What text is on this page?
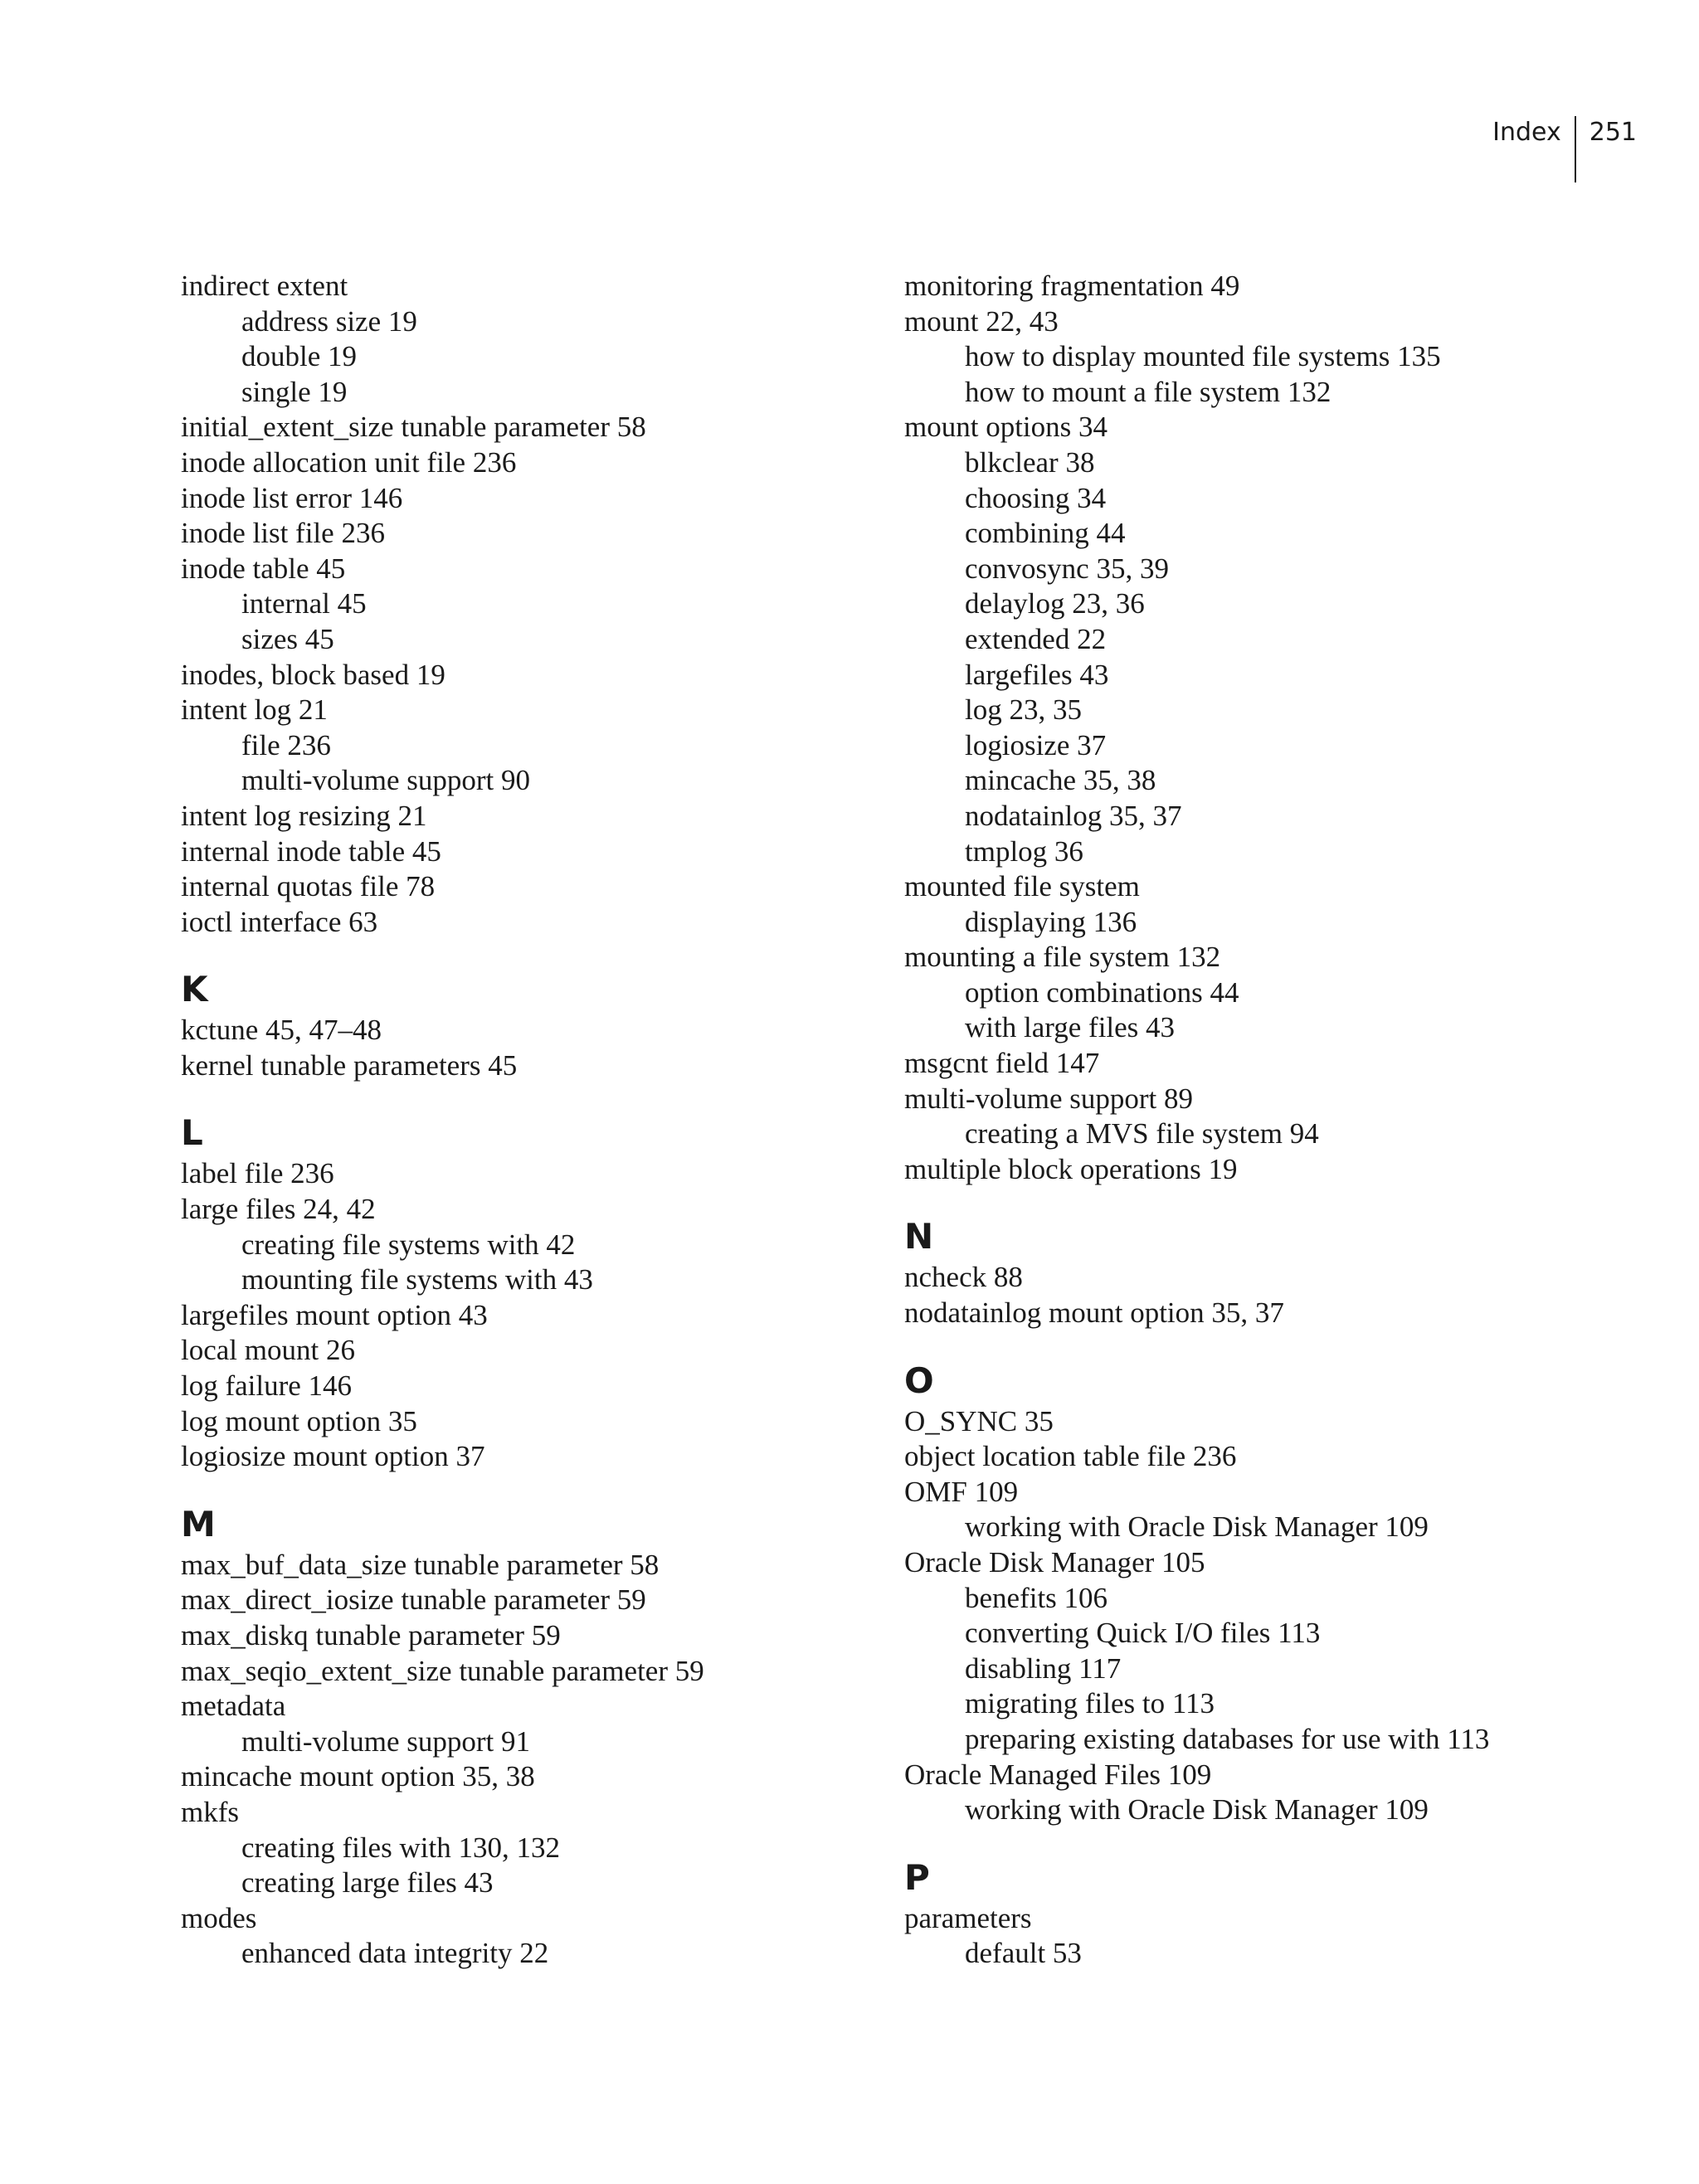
Index	251
indirect extent
address size 19
double 19
single 19
initial_extent_size tunable parameter 58
inode allocation unit file 236
inode list error 146
inode list file 236
inode table 45
internal 45
sizes 45
inodes, block based 19
intent log 21
file 236
multi-volume support 90
intent log resizing 21
internal inode table 45
internal quotas file 78
ioctl interface 63
K
kctune 45, 47–48
kernel tunable parameters 45
L
label file 236
large files 24, 42
creating file systems with 42
mounting file systems with 43
largefiles mount option 43
local mount 26
log failure 146
log mount option 35
logiosize mount option 37
M
max_buf_data_size tunable parameter 58
max_direct_iosize tunable parameter 59
max_diskq tunable parameter 59
max_seqio_extent_size tunable parameter 59
metadata
multi-volume support 91
mincache mount option 35, 38
mkfs
creating files with 130, 132
creating large files 43
modes
enhanced data integrity 22
monitoring fragmentation 49
mount 22, 43
how to display mounted file systems 135
how to mount a file system 132
mount options 34
blkclear 38
choosing 34
combining 44
convosync 35, 39
delaylog 23, 36
extended 22
largefiles 43
log 23, 35
logiosize 37
mincache 35, 38
nodatainlog 35, 37
tmplog 36
mounted file system
displaying 136
mounting a file system 132
option combinations 44
with large files 43
msgcnt field 147
multi-volume support 89
creating a MVS file system 94
multiple block operations 19
N
ncheck 88
nodatainlog mount option 35, 37
O
O_SYNC 35
object location table file 236
OMF 109
working with Oracle Disk Manager 109
Oracle Disk Manager 105
benefits 106
converting Quick I/O files 113
disabling 117
migrating files to 113
preparing existing databases for use with 113
Oracle Managed Files 109
working with Oracle Disk Manager 109
P
parameters
default 53
